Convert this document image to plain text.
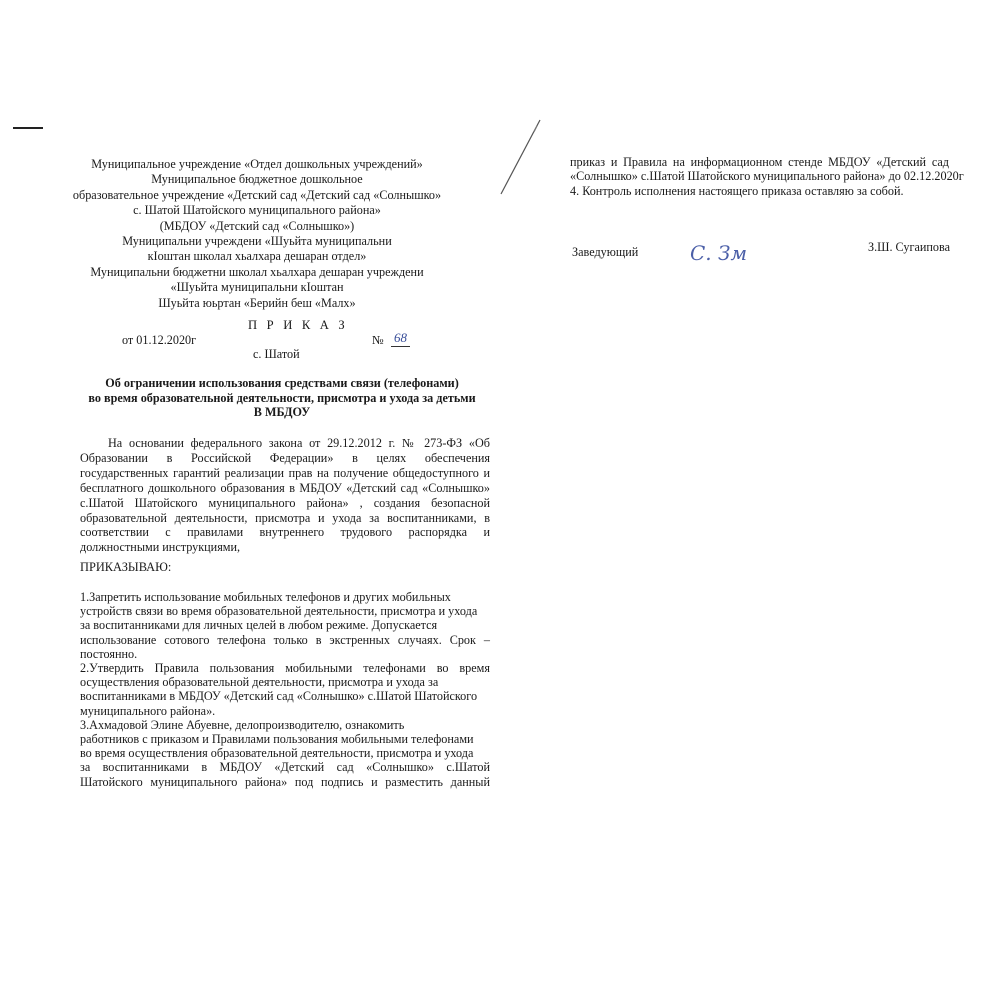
Муниципальное учреждение «Отдел дошкольных учреждений»
Муниципальное бюджетное дошкольное
образовательное учреждение «Детский сад «Детский сад «Солнышко»
с. Шатой Шатойского муниципального района»
(МБДОУ «Детский сад «Солнышко»)
Муниципальни учреждени «Шуьйта муниципальни
кIоштан школал хьалхара дешаран отдел»
Муниципальни бюджетни школал хьалхара дешаран учреждени
«Шуьйта муниципальни кIоштан
Шуьйта юьртан «Берийн беш «Малх»
П Р И К А З
от 01.12.2020г	№ 68
с. Шатой
Об ограничении использования средствами связи (телефонами)
во время образовательной деятельности, присмотра и ухода за детьми
В МБДОУ
На основании федерального закона от 29.12.2012 г. № 273-ФЗ «Об
Образовании в Российской Федерации» в целях обеспечения
государственных гарантий реализации прав на получение общедоступного и
бесплатного дошкольного образования в МБДОУ «Детский сад «Солнышко»
с.Шатой Шатойского муниципального района» , создания безопасной
образовательной деятельности, присмотра и ухода за воспитанниками, в
соответствии с правилами внутреннего трудового распорядка и
должностными инструкциями,
ПРИКАЗЫВАЮ:
1.Запретить использование мобильных телефонов и других мобильных
устройств связи во время образовательной деятельности, присмотра и ухода
за воспитанниками для личных целей в любом режиме. Допускается
использование сотового телефона только в экстренных случаях. Срок –
постоянно.
2.Утвердить Правила пользования мобильными телефонами во время
осуществления образовательной деятельности, присмотра и ухода за
воспитанниками в МБДОУ «Детский сад «Солнышко» с.Шатой Шатойского
муниципального района».
3.Ахмадовой Элине Абуевне, делопроизводителю, ознакомить
работников с приказом и Правилами пользования мобильными телефонами
во время осуществления образовательной деятельности, присмотра и ухода
за воспитанниками в МБДОУ «Детский сад «Солнышко» с.Шатой
Шатойского муниципального района» под подпись и разместить данный
приказ и Правила на информационном стенде МБДОУ «Детский сад
«Солнышко» с.Шатой Шатойского муниципального района» до 02.12.2020г
4. Контроль исполнения настоящего приказа оставляю за собой.
Заведующий	С. Зм	З.Ш. Сугаипова
